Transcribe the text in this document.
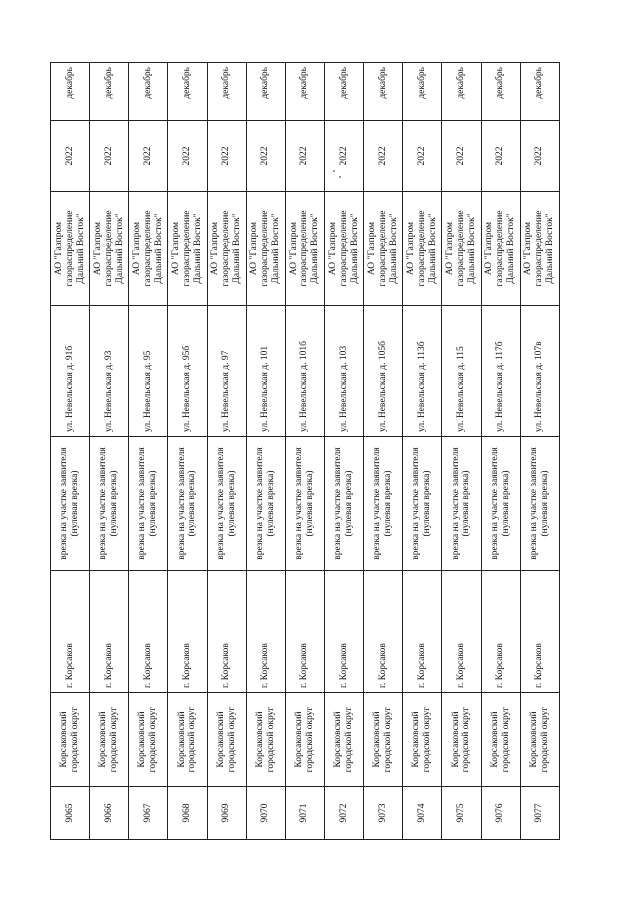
9065	Корсаковский городской округ	г. Корсаков	врезка на участке заявителя (нулевая врезка)	ул. Невельская д. 91б	АО "Газпром газораспределение Дальний Восток"	2022	декабрь
9066	Корсаковский городской округ	г. Корсаков	врезка на участке заявителя (нулевая врезка)	ул. Невельская д. 93	АО "Газпром газораспределение Дальний Восток"	2022	декабрь
9067	Корсаковский городской округ	г. Корсаков	врезка на участке заявителя (нулевая врезка)	ул. Невельская д. 95	АО "Газпром газораспределение Дальний Восток"	2022	декабрь
9068	Корсаковский городской округ	г. Корсаков	врезка на участке заявителя (нулевая врезка)	ул. Невельская д. 95б	АО "Газпром газораспределение Дальний Восток"	2022	декабрь
9069	Корсаковский городской округ	г. Корсаков	врезка на участке заявителя (нулевая врезка)	ул. Невельская д. 97	АО "Газпром газораспределение Дальний Восток"	2022	декабрь
9070	Корсаковский городской округ	г. Корсаков	врезка на участке заявителя (нулевая врезка)	ул. Невельская д. 101	АО "Газпром газораспределение Дальний Восток"	2022	декабрь
9071	Корсаковский городской округ	г. Корсаков	врезка на участке заявителя (нулевая врезка)	ул. Невельская д. 101б	АО "Газпром газораспределение Дальний Восток"	2022	декабрь
9072	Корсаковский городской округ	г. Корсаков	врезка на участке заявителя (нулевая врезка)	ул. Невельская д. 103	АО "Газпром газораспределение Дальний Восток"	2022	декабрь
9073	Корсаковский городской округ	г. Корсаков	врезка на участке заявителя (нулевая врезка)	ул. Невельская д. 105б	АО "Газпром газораспределение Дальний Восток"	2022	декабрь
9074	Корсаковский городской округ	г. Корсаков	врезка на участке заявителя (нулевая врезка)	ул. Невельская д. 113б	АО "Газпром газораспределение Дальний Восток"	2022	декабрь
9075	Корсаковский городской округ	г. Корсаков	врезка на участке заявителя (нулевая врезка)	ул. Невельская д. 115	АО "Газпром газораспределение Дальний Восток"	2022	декабрь
9076	Корсаковский городской округ	г. Корсаков	врезка на участке заявителя (нулевая врезка)	ул. Невельская д. 117б	АО "Газпром газораспределение Дальний Восток"	2022	декабрь
9077	Корсаковский городской округ	г. Корсаков	врезка на участке заявителя (нулевая врезка)	ул. Невельская д. 107в	АО "Газпром газораспределение Дальний Восток"	2022	декабрь
